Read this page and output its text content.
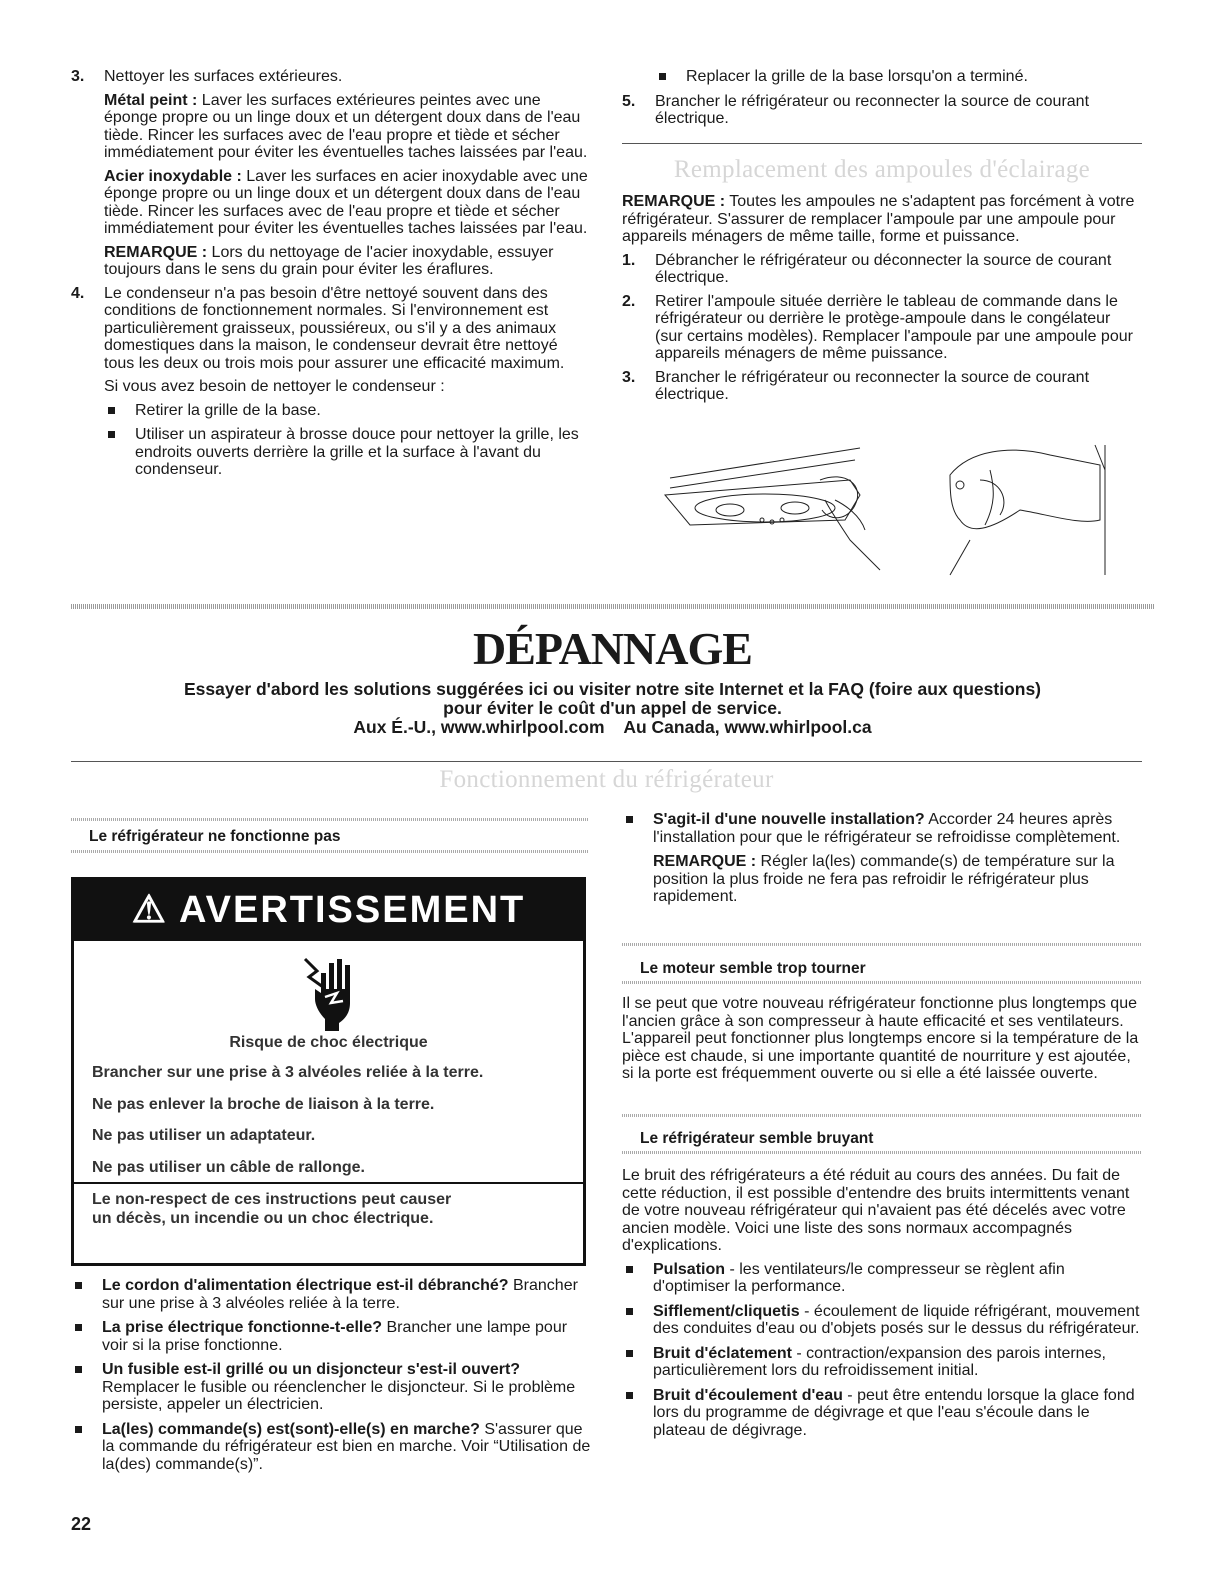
3. Nettoyer les surfaces extérieures.

Métal peint : Laver les surfaces extérieures peintes avec une éponge propre ou un linge doux et un détergent doux dans de l'eau tiède. Rincer les surfaces avec de l'eau propre et tiède et sécher immédiatement pour éviter les éventuelles taches laissées par l'eau.

Acier inoxydable : Laver les surfaces en acier inoxydable avec une éponge propre ou un linge doux et un détergent doux dans de l'eau tiède. Rincer les surfaces avec de l'eau propre et tiède et sécher immédiatement pour éviter les éventuelles taches laissées par l'eau.

REMARQUE : Lors du nettoyage de l'acier inoxydable, essuyer toujours dans le sens du grain pour éviter les éraflures.

4. Le condenseur n'a pas besoin d'être nettoyé souvent dans des conditions de fonctionnement normales. Si l'environnement est particulièrement graisseux, poussiéreux, ou s'il y a des animaux domestiques dans la maison, le condenseur devrait être nettoyé tous les deux ou trois mois pour assurer une efficacité maximum.

Si vous avez besoin de nettoyer le condenseur :

Retirer la grille de la base.
Utiliser un aspirateur à brosse douce pour nettoyer la grille, les endroits ouverts derrière la grille et la surface à l'avant du condenseur.
Replacer la grille de la base lorsqu'on a terminé.
5. Brancher le réfrigérateur ou reconnecter la source de courant électrique.

Remplacement des ampoules d'éclairage

REMARQUE : Toutes les ampoules ne s'adaptent pas forcément à votre réfrigérateur. S'assurer de remplacer l'ampoule par une ampoule pour appareils ménagers de même taille, forme et puissance.

1. Débrancher le réfrigérateur ou déconnecter la source de courant électrique.
2. Retirer l'ampoule située derrière le tableau de commande dans le réfrigérateur ou derrière le protège-ampoule dans le congélateur (sur certains modèles). Remplacer l'ampoule par une ampoule pour appareils ménagers de même puissance.
3. Brancher le réfrigérateur ou reconnecter la source de courant électrique.
DÉPANNAGE
Essayer d'abord les solutions suggérées ici ou visiter notre site Internet et la FAQ (foire aux questions)
pour éviter le coût d'un appel de service.
Aux É.-U., www.whirlpool.com    Au Canada, www.whirlpool.ca
Fonctionnement du réfrigérateur
Le réfrigérateur ne fonctionne pas
⚠ AVERTISSEMENT
Risque de choc électrique
Brancher sur une prise à 3 alvéoles reliée à la terre.
Ne pas enlever la broche de liaison à la terre.
Ne pas utiliser un adaptateur.
Ne pas utiliser un câble de rallonge.
Le non-respect de ces instructions peut causer
un décès, un incendie ou un choc électrique.
Le cordon d'alimentation électrique est-il débranché? Brancher sur une prise à 3 alvéoles reliée à la terre.
La prise électrique fonctionne-t-elle? Brancher une lampe pour voir si la prise fonctionne.
Un fusible est-il grillé ou un disjoncteur s'est-il ouvert? Remplacer le fusible ou réenclencher le disjoncteur. Si le problème persiste, appeler un électricien.
La(les) commande(s) est(sont)-elle(s) en marche? S'assurer que la commande du réfrigérateur est bien en marche. Voir “Utilisation de la(des) commande(s)”.
S'agit-il d'une nouvelle installation? Accorder 24 heures après l'installation pour que le réfrigérateur se refroidisse complètement.

REMARQUE : Régler la(les) commande(s) de température sur la position la plus froide ne fera pas refroidir le réfrigérateur plus rapidement.

Le moteur semble trop tourner

Il se peut que votre nouveau réfrigérateur fonctionne plus longtemps que l'ancien grâce à son compresseur à haute efficacité et ses ventilateurs. L'appareil peut fonctionner plus longtemps encore si la température de la pièce est chaude, si une importante quantité de nourriture y est ajoutée, si la porte est fréquemment ouverte ou si elle a été laissée ouverte.

Le réfrigérateur semble bruyant

Le bruit des réfrigérateurs a été réduit au cours des années. Du fait de cette réduction, il est possible d'entendre des bruits intermittents venant de votre nouveau réfrigérateur qui n'avaient pas été décelés avec votre ancien modèle. Voici une liste des sons normaux accompagnés d'explications.

Pulsation - les ventilateurs/le compresseur se règlent afin d'optimiser la performance.
Sifflement/cliquetis - écoulement de liquide réfrigérant, mouvement des conduites d'eau ou d'objets posés sur le dessus du réfrigérateur.
Bruit d'éclatement - contraction/expansion des parois internes, particulièrement lors du refroidissement initial.
Bruit d'écoulement d'eau - peut être entendu lorsque la glace fond lors du programme de dégivrage et que l'eau s'écoule dans le plateau de dégivrage.
22
